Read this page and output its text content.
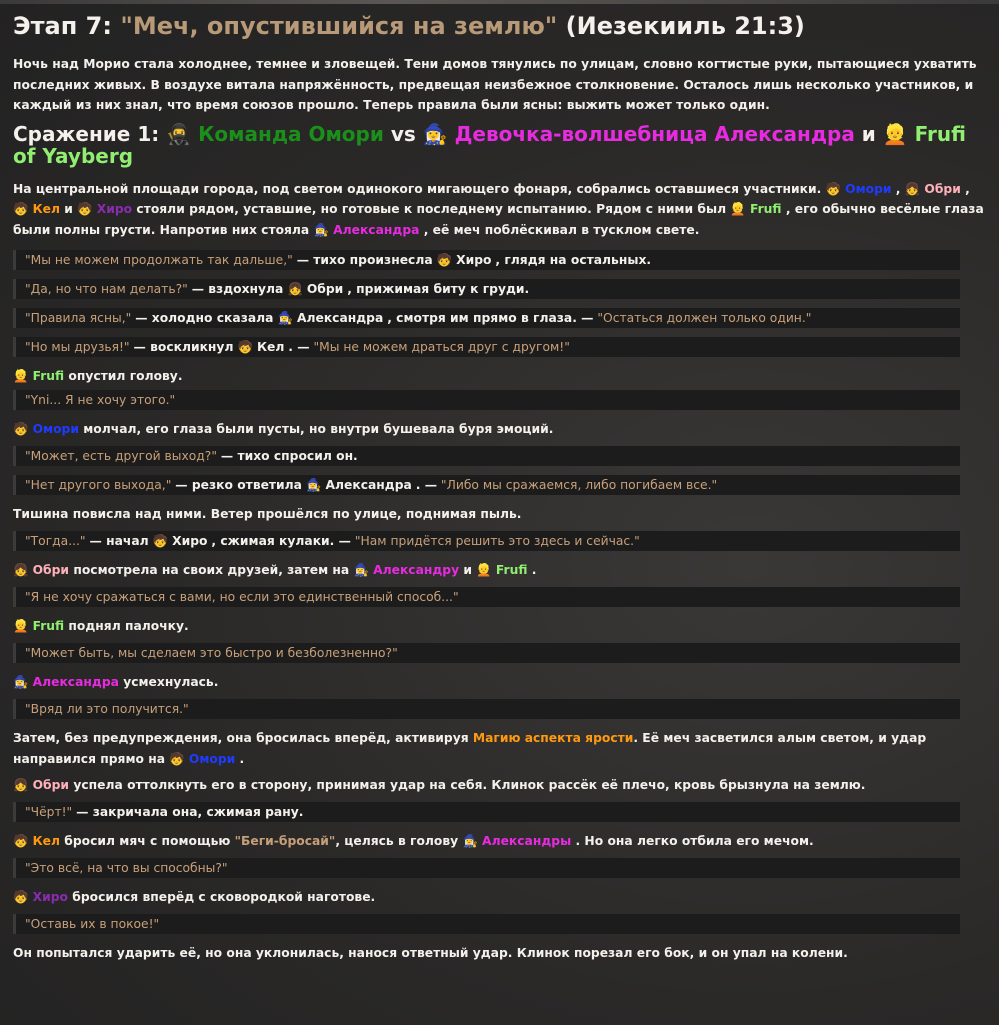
Этап 7: "Меч, опустившийся на землю" (Иезекииль 21:3)

Ночь над Морио стала холоднее, темнее и зловещей. Тени домов тянулись по улицам, словно когтистые руки, пытающиеся ухватить последних живых. В воздухе витала напряжённость, предвещая неизбежное столкновение. Осталось лишь несколько участников, и каждый из них знал, что время союзов прошло. Теперь правила были ясны: выжить может только один.

Сражение 1: 🥷 Команда Омори vs 🧙‍♀️ Девочка-волшебница Александра и 👱 Frufi of Yayberg

На центральной площади города, под светом одинокого мигающего фонаря, собрались оставшиеся участники. 🧒 Омори , 👧 Обри , 🧒 Кел и 🧒 Хиро стояли рядом, уставшие, но готовые к последнему испытанию. Рядом с ними был 👱 Frufi , его обычно весёлые глаза были полны грусти. Напротив них стояла 🧙‍♀️ Александра , её меч поблёскивал в тусклом свете.

"Мы не можем продолжать так дальше," — тихо произнесла 🧒 Хиро , глядя на остальных.
"Да, но что нам делать?" — вздохнула 👧 Обри , прижимая биту к груди.
"Правила ясны," — холодно сказала 🧙‍♀️ Александра , смотря им прямо в глаза. — "Остаться должен только один."
"Но мы друзья!" — воскликнул 🧒 Кел . — "Мы не можем драться друг с другом!"
👱 Frufi опустил голову.
"Yni... Я не хочу этого."
🧒 Омори молчал, его глаза были пусты, но внутри бушевала буря эмоций.
"Может, есть другой выход?" — тихо спросил он.
"Нет другого выхода," — резко ответила 🧙‍♀️ Александра . — "Либо мы сражаемся, либо погибаем все."
Тишина повисла над ними. Ветер прошёлся по улице, поднимая пыль.
"Тогда..." — начал 🧒 Хиро , сжимая кулаки. — "Нам придётся решить это здесь и сейчас."
👧 Обри посмотрела на своих друзей, затем на 🧙‍♀️ Александру и 👱 Frufi .
"Я не хочу сражаться с вами, но если это единственный способ..."
👱 Frufi поднял палочку.
"Может быть, мы сделаем это быстро и безболезненно?"
🧙‍♀️ Александра усмехнулась.
"Вряд ли это получится."

Затем, без предупреждения, она бросилась вперёд, активируя Магию аспекта ярости. Её меч засветился алым светом, и удар направился прямо на 🧒 Омори .

👧 Обри успела оттолкнуть его в сторону, принимая удар на себя. Клинок рассёк её плечо, кровь брызнула на землю.
"Чёрт!" — закричала она, сжимая рану.
🧒 Кел бросил мяч с помощью "Беги-бросай", целясь в голову 🧙‍♀️ Александры . Но она легко отбила его мечом.
"Это всё, на что вы способны?"
🧒 Хиро бросился вперёд с сковородкой наготове.
"Оставь их в покое!"
Он попытался ударить её, но она уклонилась, нанося ответный удар. Клинок порезал его бок, и он упал на колени.
